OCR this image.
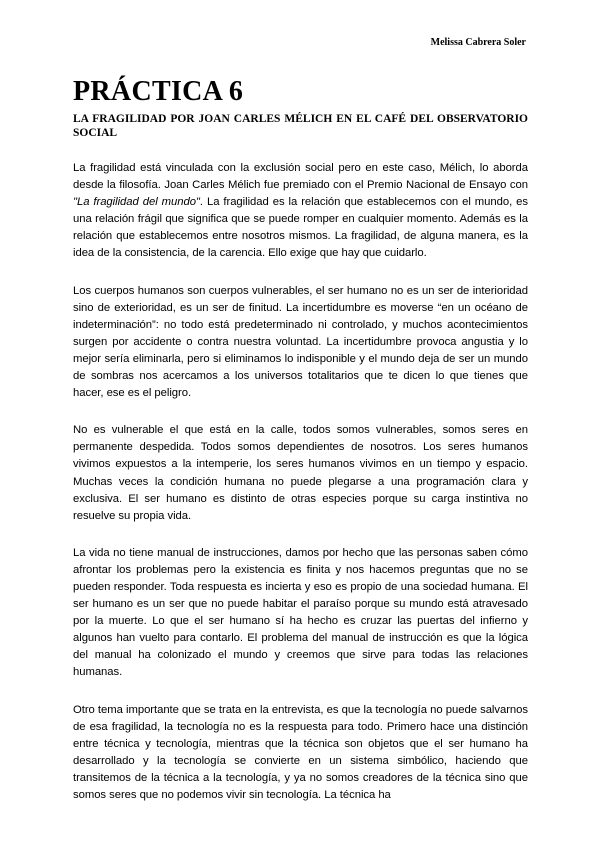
Melissa Cabrera Soler
PRÁCTICA 6
LA FRAGILIDAD POR JOAN CARLES MÉLICH EN EL CAFÉ DEL OBSERVATORIO SOCIAL

La fragilidad está vinculada con la exclusión social pero en este caso, Mélich, lo aborda desde la filosofía. Joan Carles Mélich fue premiado con el Premio Nacional de Ensayo con "La fragilidad del mundo". La fragilidad es la relación que establecemos con el mundo, es una relación frágil que significa que se puede romper en cualquier momento. Además es la relación que establecemos entre nosotros mismos. La fragilidad, de alguna manera, es la idea de la consistencia, de la carencia. Ello exige que hay que cuidarlo.

Los cuerpos humanos son cuerpos vulnerables, el ser humano no es un ser de interioridad sino de exterioridad, es un ser de finitud. La incertidumbre es moverse “en un océano de indeterminación”: no todo está predeterminado ni controlado, y muchos acontecimientos surgen por accidente o contra nuestra voluntad. La incertidumbre provoca angustia y lo mejor sería eliminarla, pero si eliminamos lo indisponible y el mundo deja de ser un mundo de sombras nos acercamos a los universos totalitarios que te dicen lo que tienes que hacer, ese es el peligro.

No es vulnerable el que está en la calle, todos somos vulnerables, somos seres en permanente despedida. Todos somos dependientes de nosotros. Los seres humanos vivimos expuestos a la intemperie, los seres humanos vivimos en un tiempo y espacio. Muchas veces la condición humana no puede plegarse a una programación clara y exclusiva. El ser humano es distinto de otras especies porque su carga instintiva no resuelve su propia vida.

La vida no tiene manual de instrucciones, damos por hecho que las personas saben cómo afrontar los problemas pero la existencia es finita y nos hacemos preguntas que no se pueden responder. Toda respuesta es incierta y eso es propio de una sociedad humana. El ser humano es un ser que no puede habitar el paraíso porque su mundo está atravesado por la muerte. Lo que el ser humano sí ha hecho es cruzar las puertas del infierno y algunos han vuelto para contarlo. El problema del manual de instrucción es que la lógica del manual ha colonizado el mundo y creemos que sirve para todas las relaciones humanas.

Otro tema importante que se trata en la entrevista, es que la tecnología no puede salvarnos de esa fragilidad, la tecnología no es la respuesta para todo. Primero hace una distinción entre técnica y tecnología, mientras que la técnica son objetos que el ser humano ha desarrollado y la tecnología se convierte en un sistema simbólico, haciendo que transitemos de la técnica a la tecnología, y ya no somos creadores de la técnica sino que somos seres que no podemos vivir sin tecnología. La técnica ha
